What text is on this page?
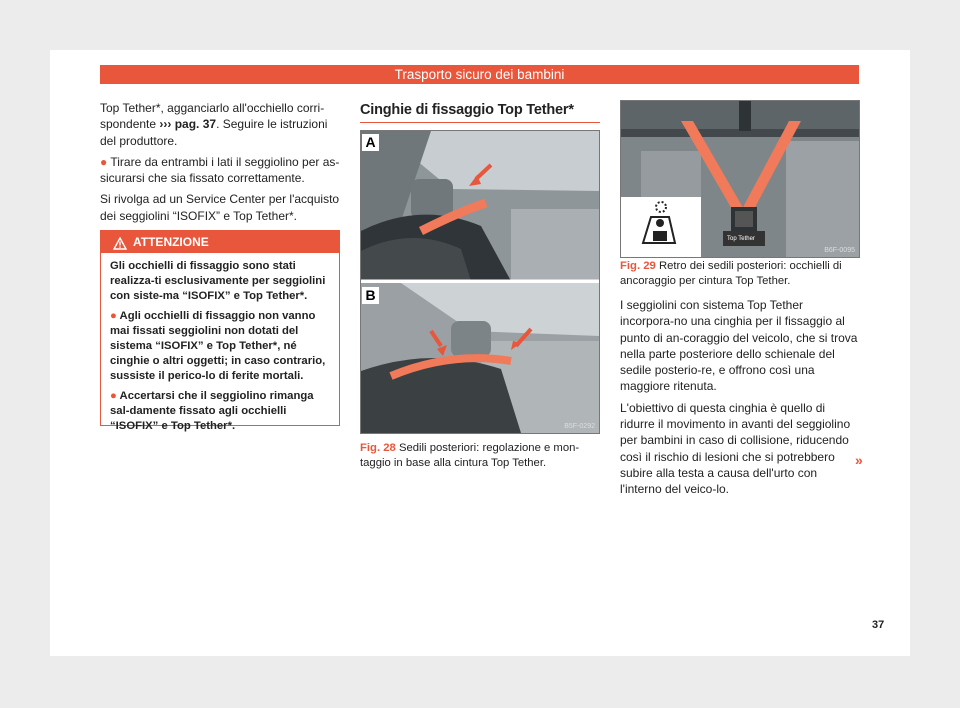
Trasporto sicuro dei bambini

Top Tether*, agganciarlo all'occhiello corri-spondente ››› pag. 37. Seguire le istruzioni del produttore.

● Tirare da entrambi i lati il seggiolino per as-sicurarsi che sia fissato correttamente.

Si rivolga ad un Service Center per l'acquisto dei seggiolini “ISOFIX” e Top Tether*.

ATTENZIONE

Gli occhielli di fissaggio sono stati realizza-ti esclusivamente per seggiolini con siste-ma “ISOFIX” e Top Tether*.

● Agli occhielli di fissaggio non vanno mai fissati seggiolini non dotati del sistema “ISOFIX” e Top Tether*, né cinghie o altri oggetti; in caso contrario, sussiste il perico-lo di ferite mortali.

● Accertarsi che il seggiolino rimanga sal-damente fissato agli occhielli “ISOFIX” e Top Tether*.

Cinghie di fissaggio Top Tether*
A
B
B5F-0292
Fig. 28 Sedili posteriori: regolazione e mon-taggio in base alla cintura Top Tether.
Top Tether
B6F-0095
Fig. 29 Retro dei sedili posteriori: occhielli di ancoraggio per cintura Top Tether.

I seggiolini con sistema Top Tether incorpora-no una cinghia per il fissaggio al punto di an-coraggio del veicolo, che si trova nella parte posteriore dello schienale del sedile posterio-re, e offrono così una maggiore ritenuta.

L'obiettivo di questa cinghia è quello di ridurre il movimento in avanti del seggiolino per bambini in caso di collisione, riducendo così il rischio di lesioni che si potrebbero subire alla testa a causa dell'urto con l'interno del veico-lo.

»
37
